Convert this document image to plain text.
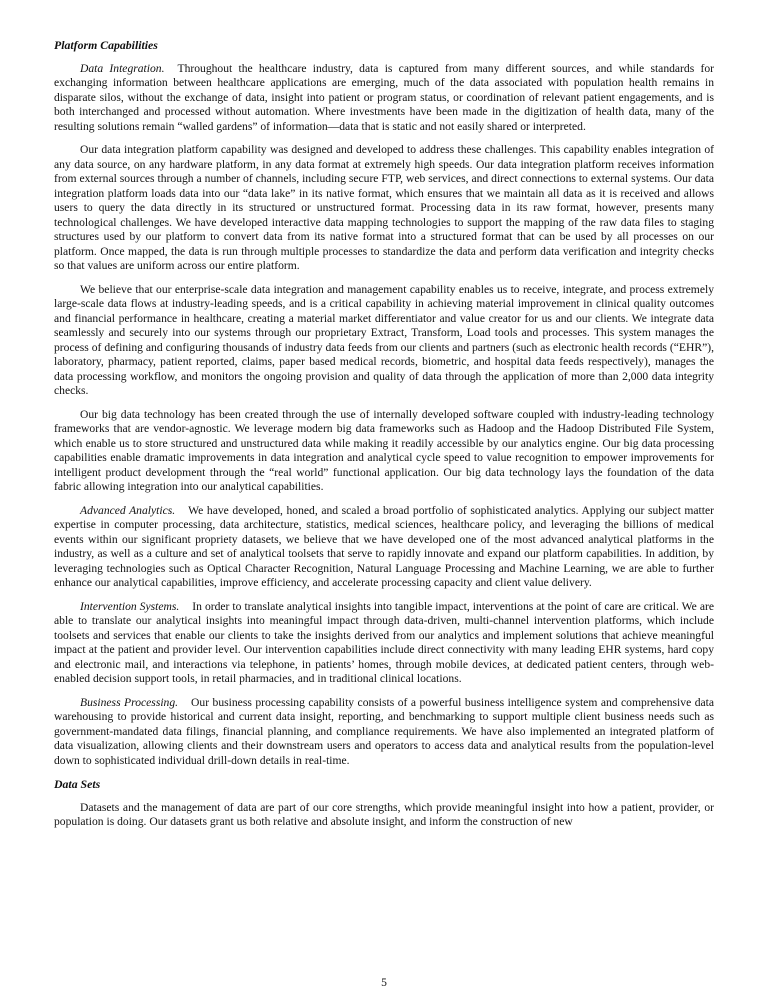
Platform Capabilities

Data Integration. Throughout the healthcare industry, data is captured from many different sources, and while standards for exchanging information between healthcare applications are emerging, much of the data associated with population health remains in disparate silos, without the exchange of data, insight into patient or program status, or coordination of relevant patient engagements, and is both interchanged and processed without automation. Where investments have been made in the digitization of health data, many of the resulting solutions remain “walled gardens” of information—data that is static and not easily shared or interpreted.

Our data integration platform capability was designed and developed to address these challenges. This capability enables integration of any data source, on any hardware platform, in any data format at extremely high speeds. Our data integration platform receives information from external sources through a number of channels, including secure FTP, web services, and direct connections to external systems. Our data integration platform loads data into our “data lake” in its native format, which ensures that we maintain all data as it is received and allows users to query the data directly in its structured or unstructured format. Processing data in its raw format, however, presents many technological challenges. We have developed interactive data mapping technologies to support the mapping of the raw data files to staging structures used by our platform to convert data from its native format into a structured format that can be used by all processes on our platform. Once mapped, the data is run through multiple processes to standardize the data and perform data verification and integrity checks so that values are uniform across our entire platform.

We believe that our enterprise-scale data integration and management capability enables us to receive, integrate, and process extremely large-scale data flows at industry-leading speeds, and is a critical capability in achieving material improvement in clinical quality outcomes and financial performance in healthcare, creating a material market differentiator and value creator for us and our clients. We integrate data seamlessly and securely into our systems through our proprietary Extract, Transform, Load tools and processes. This system manages the process of defining and configuring thousands of industry data feeds from our clients and partners (such as electronic health records (“EHR”), laboratory, pharmacy, patient reported, claims, paper based medical records, biometric, and hospital data feeds respectively), manages the data processing workflow, and monitors the ongoing provision and quality of data through the application of more than 2,000 data integrity checks.

Our big data technology has been created through the use of internally developed software coupled with industry-leading technology frameworks that are vendor-agnostic. We leverage modern big data frameworks such as Hadoop and the Hadoop Distributed File System, which enable us to store structured and unstructured data while making it readily accessible by our analytics engine. Our big data processing capabilities enable dramatic improvements in data integration and analytical cycle speed to value recognition to empower improvements for intelligent product development through the “real world” functional application. Our big data technology lays the foundation of the data fabric allowing integration into our analytical capabilities.

Advanced Analytics. We have developed, honed, and scaled a broad portfolio of sophisticated analytics. Applying our subject matter expertise in computer processing, data architecture, statistics, medical sciences, healthcare policy, and leveraging the billions of medical events within our significant propriety datasets, we believe that we have developed one of the most advanced analytical platforms in the industry, as well as a culture and set of analytical toolsets that serve to rapidly innovate and expand our platform capabilities. In addition, by leveraging technologies such as Optical Character Recognition, Natural Language Processing and Machine Learning, we are able to further enhance our analytical capabilities, improve efficiency, and accelerate processing capacity and client value delivery.

Intervention Systems. In order to translate analytical insights into tangible impact, interventions at the point of care are critical. We are able to translate our analytical insights into meaningful impact through data-driven, multi-channel intervention platforms, which include toolsets and services that enable our clients to take the insights derived from our analytics and implement solutions that achieve meaningful impact at the patient and provider level. Our intervention capabilities include direct connectivity with many leading EHR systems, hard copy and electronic mail, and interactions via telephone, in patients’ homes, through mobile devices, at dedicated patient centers, through web-enabled decision support tools, in retail pharmacies, and in traditional clinical locations.

Business Processing. Our business processing capability consists of a powerful business intelligence system and comprehensive data warehousing to provide historical and current data insight, reporting, and benchmarking to support multiple client business needs such as government-mandated data filings, financial planning, and compliance requirements. We have also implemented an integrated platform of data visualization, allowing clients and their downstream users and operators to access data and analytical results from the population-level down to sophisticated individual drill-down details in real-time.

Data Sets

Datasets and the management of data are part of our core strengths, which provide meaningful insight into how a patient, provider, or population is doing. Our datasets grant us both relative and absolute insight, and inform the construction of new

5
